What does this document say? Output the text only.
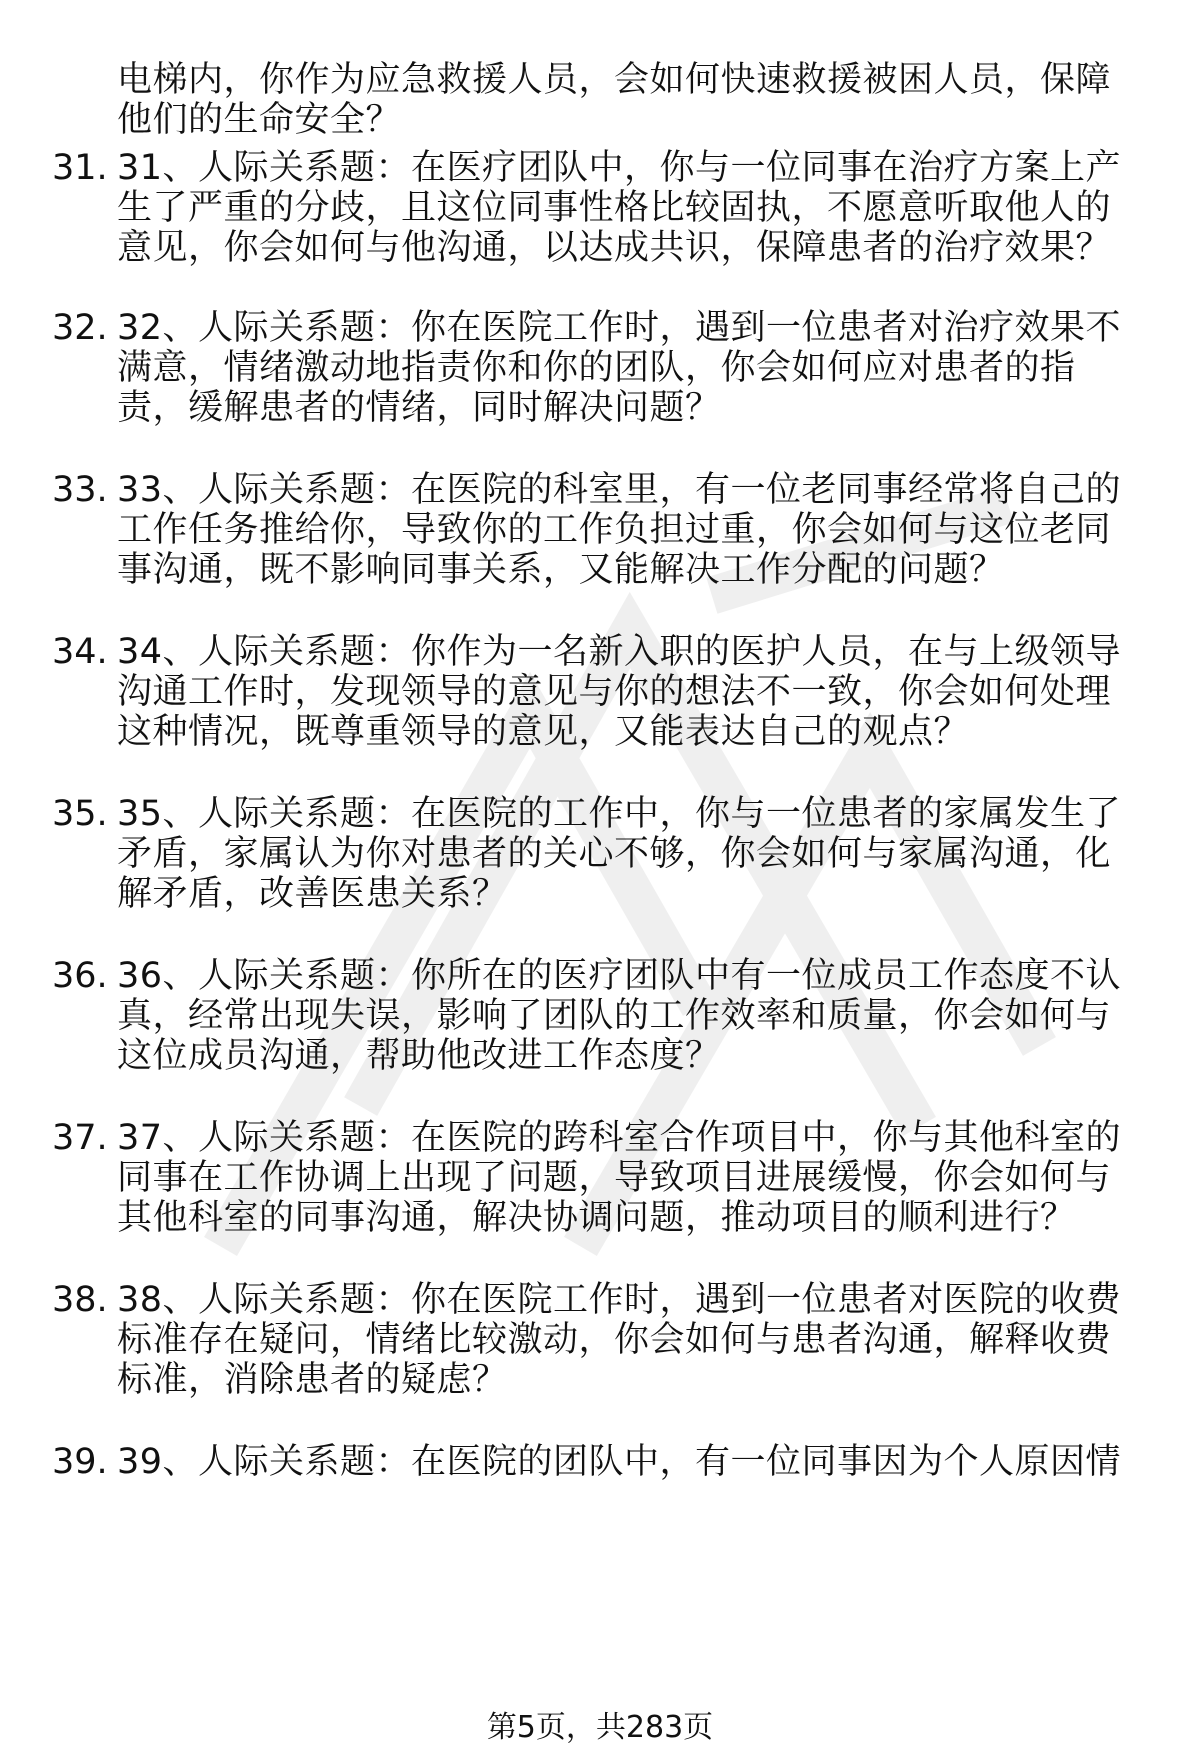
电梯内，你作为应急救援人员，会如何快速救援被困人员，保障
他们的生命安全？
31. 31、人际关系题：在医疗团队中，你与一位同事在治疗方案上产
生了严重的分歧，且这位同事性格比较固执，不愿意听取他人的
意见，你会如何与他沟通，以达成共识，保障患者的治疗效果？
32. 32、人际关系题：你在医院工作时，遇到一位患者对治疗效果不
满意，情绪激动地指责你和你的团队，你会如何应对患者的指
责，缓解患者的情绪，同时解决问题？
33. 33、人际关系题：在医院的科室里，有一位老同事经常将自己的
工作任务推给你，导致你的工作负担过重，你会如何与这位老同
事沟通，既不影响同事关系，又能解决工作分配的问题？
34. 34、人际关系题：你作为一名新入职的医护人员，在与上级领导
沟通工作时，发现领导的意见与你的想法不一致，你会如何处理
这种情况，既尊重领导的意见，又能表达自己的观点？
35. 35、人际关系题：在医院的工作中，你与一位患者的家属发生了
矛盾，家属认为你对患者的关心不够，你会如何与家属沟通，化
解矛盾，改善医患关系？
36. 36、人际关系题：你所在的医疗团队中有一位成员工作态度不认
真，经常出现失误，影响了团队的工作效率和质量，你会如何与
这位成员沟通，帮助他改进工作态度？
37. 37、人际关系题：在医院的跨科室合作项目中，你与其他科室的
同事在工作协调上出现了问题，导致项目进展缓慢，你会如何与
其他科室的同事沟通，解决协调问题，推动项目的顺利进行？
38. 38、人际关系题：你在医院工作时，遇到一位患者对医院的收费
标准存在疑问，情绪比较激动，你会如何与患者沟通，解释收费
标准，消除患者的疑虑？
39. 39、人际关系题：在医院的团队中，有一位同事因为个人原因情
第5页，共283页
